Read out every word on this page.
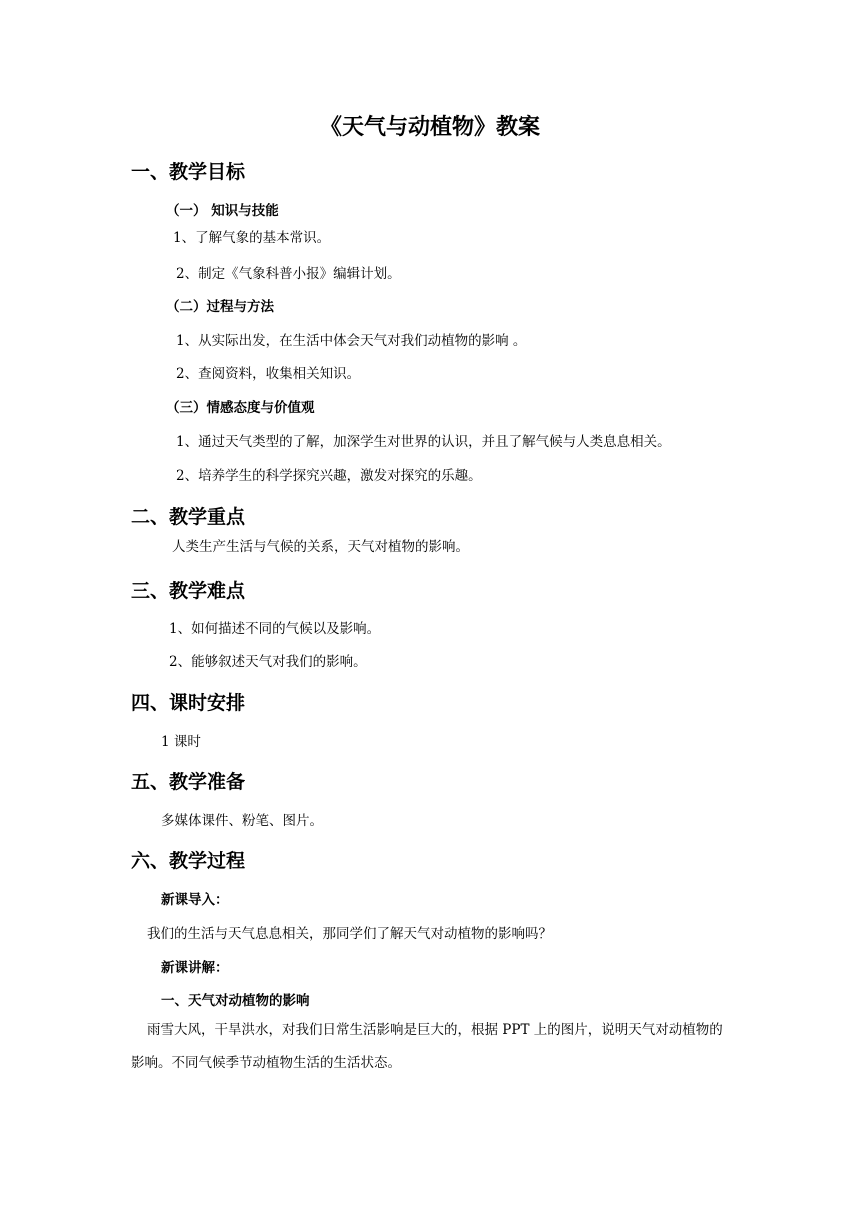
《天气与动植物》教案
一、教学目标
（一） 知识与技能
1、了解气象的基本常识。
2、制定《气象科普小报》编辑计划。
（二）过程与方法
1、从实际出发，在生活中体会天气对我们动植物的影响 。
2、查阅资料，收集相关知识。
（三）情感态度与价值观
1、通过天气类型的了解，加深学生对世界的认识，并且了解气候与人类息息相关。
2、培养学生的科学探究兴趣，激发对探究的乐趣。
二、教学重点
人类生产生活与气候的关系，天气对植物的影响。
三、教学难点
1、如何描述不同的气候以及影响。
2、能够叙述天气对我们的影响。
四、课时安排
1 课时
五、教学准备
多媒体课件、粉笔、图片。
六、教学过程
新课导入：
我们的生活与天气息息相关，那同学们了解天气对动植物的影响吗？
新课讲解：
一、天气对动植物的影响
雨雪大风，干旱洪水，对我们日常生活影响是巨大的，根据 PPT 上的图片，说明天气对动植物的影响。不同气候季节动植物生活的生活状态。
